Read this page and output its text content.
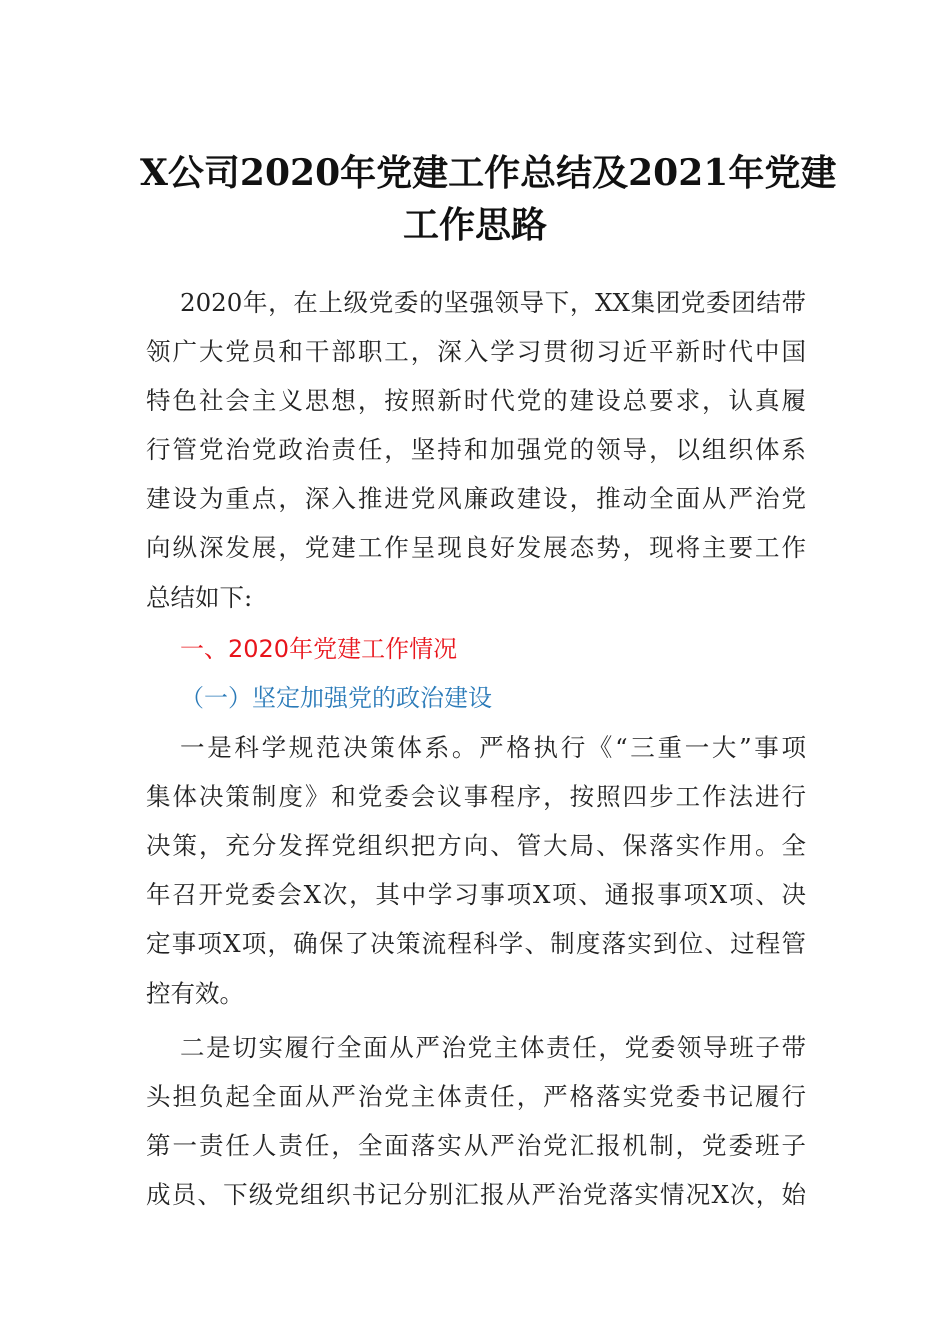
X公司2020年党建工作总结及2021年党建
工作思路
2020年，在上级党委的坚强领导下，XX集团党委团结带
领广大党员和干部职工，深入学习贯彻习近平新时代中国
特色社会主义思想，按照新时代党的建设总要求，认真履
行管党治党政治责任，坚持和加强党的领导，以组织体系
建设为重点，深入推进党风廉政建设，推动全面从严治党
向纵深发展，党建工作呈现良好发展态势，现将主要工作
总结如下:
一、2020年党建工作情况
（一）坚定加强党的政治建设
一是科学规范决策体系。严格执行《“三重一大”事项
集体决策制度》和党委会议事程序，按照四步工作法进行
决策，充分发挥党组织把方向、管大局、保落实作用。全
年召开党委会X次，其中学习事项X项、通报事项X项、决
定事项X项，确保了决策流程科学、制度落实到位、过程管
控有效。
二是切实履行全面从严治党主体责任，党委领导班子带
头担负起全面从严治党主体责任，严格落实党委书记履行
第一责任人责任，全面落实从严治党汇报机制，党委班子
成员、下级党组织书记分别汇报从严治党落实情况X次，始
